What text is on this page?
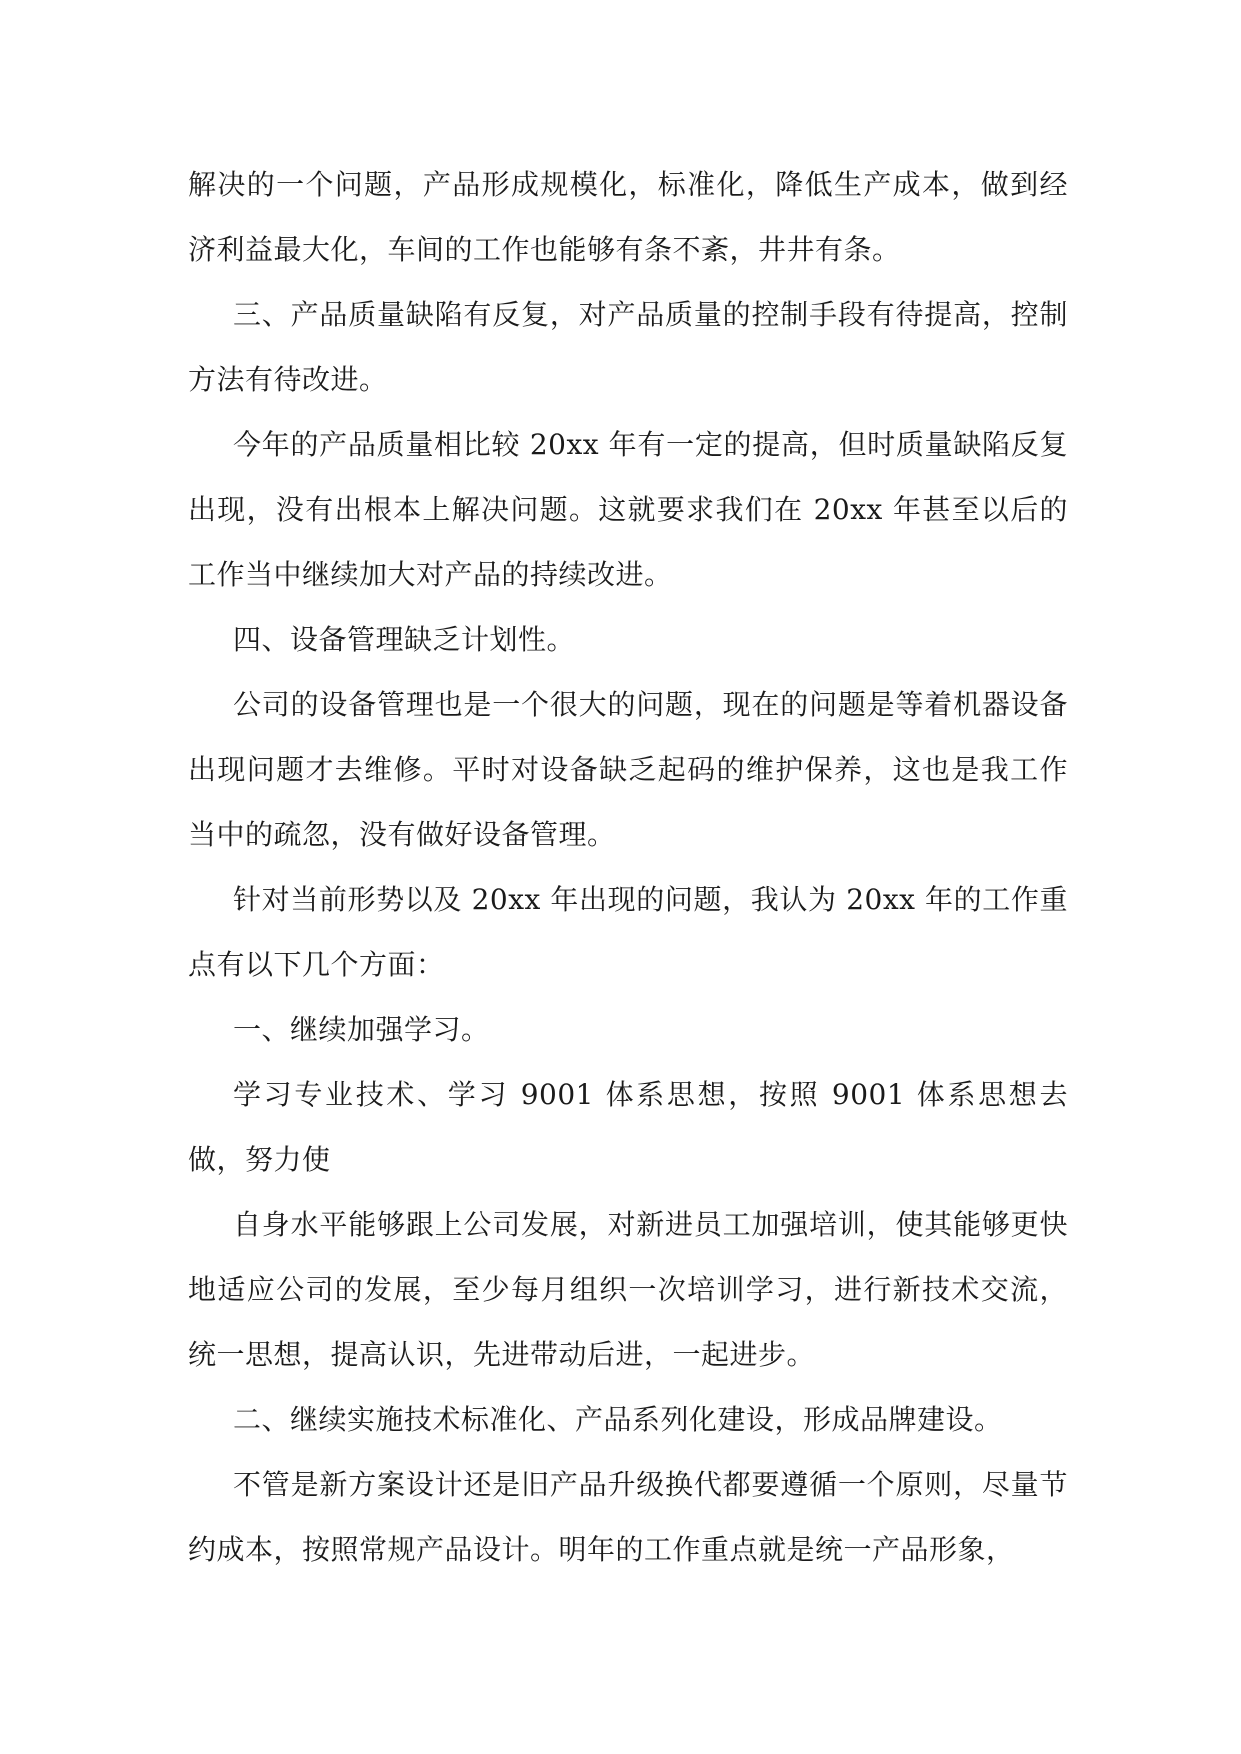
解决的一个问题，产品形成规模化，标准化，降低生产成本，做到经济利益最大化，车间的工作也能够有条不紊，井井有条。

三、产品质量缺陷有反复，对产品质量的控制手段有待提高，控制方法有待改进。

今年的产品质量相比较 20xx 年有一定的提高，但时质量缺陷反复出现，没有出根本上解决问题。这就要求我们在 20xx 年甚至以后的工作当中继续加大对产品的持续改进。

四、设备管理缺乏计划性。

公司的设备管理也是一个很大的问题，现在的问题是等着机器设备出现问题才去维修。平时对设备缺乏起码的维护保养，这也是我工作当中的疏忽，没有做好设备管理。

针对当前形势以及 20xx 年出现的问题，我认为 20xx 年的工作重点有以下几个方面：

一、继续加强学习。

学习专业技术、学习 9001 体系思想，按照 9001 体系思想去做，努力使

自身水平能够跟上公司发展，对新进员工加强培训，使其能够更快地适应公司的发展，至少每月组织一次培训学习，进行新技术交流，统一思想，提高认识，先进带动后进，一起进步。

二、继续实施技术标准化、产品系列化建设，形成品牌建设。

不管是新方案设计还是旧产品升级换代都要遵循一个原则，尽量节约成本，按照常规产品设计。明年的工作重点就是统一产品形象，
